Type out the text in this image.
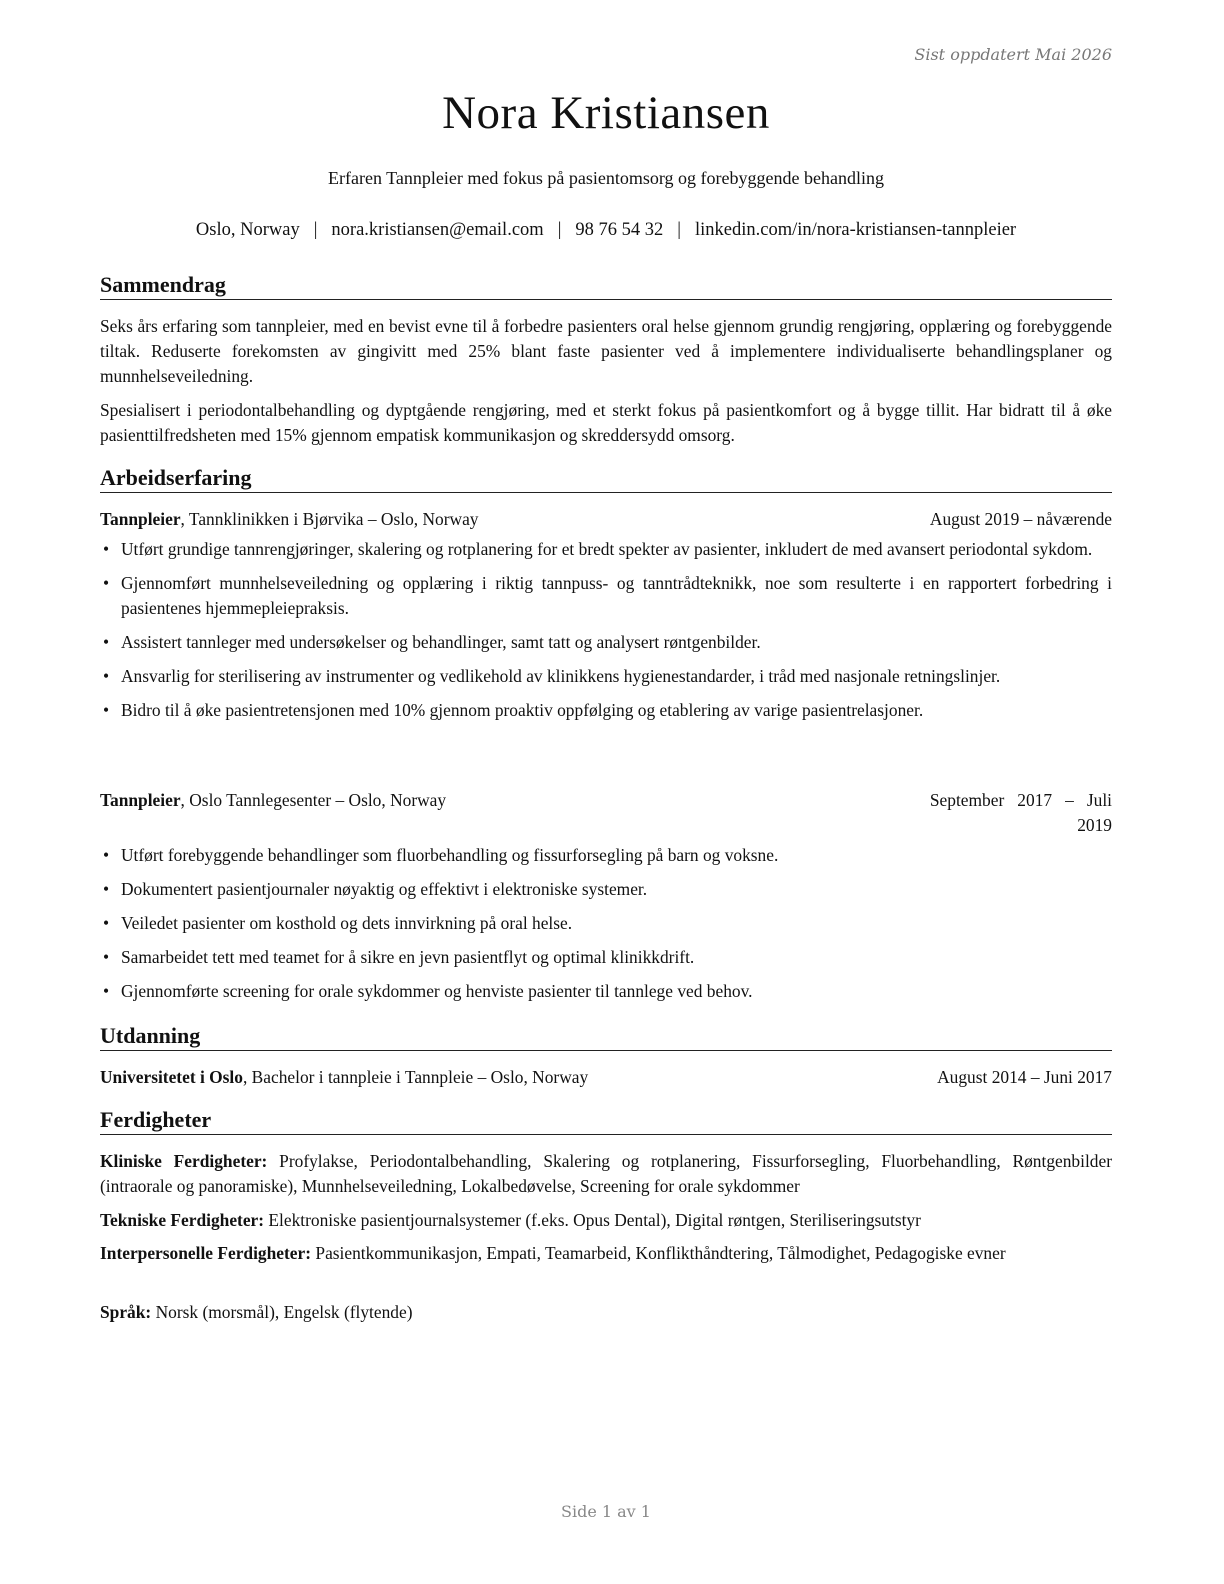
Sist oppdatert Mai 2026
Nora Kristiansen
Erfaren Tannpleier med fokus på pasientomsorg og forebyggende behandling
Oslo, Norway | nora.kristiansen@email.com | 98 76 54 32 | linkedin.com/in/nora-kristiansen-tannpleier
Sammendrag
Seks års erfaring som tannpleier, med en bevist evne til å forbedre pasienters oral helse gjennom grundig rengjøring, opplæring og forebyggende tiltak. Reduserte forekomsten av gingivitt med 25% blant faste pasienter ved å implementere individualiserte behandlingsplaner og munnhelseveiledning.
Spesialisert i periodontalbehandling og dyptgående rengjøring, med et sterkt fokus på pasientkomfort og å bygge tillit. Har bidratt til å øke pasienttilfredsheten med 15% gjennom empatisk kommunikasjon og skreddersydd omsorg.
Arbeidserfaring
Tannpleier, Tannklinikken i Bjørvika – Oslo, Norway	August 2019 – nåværende
• Utført grundige tannrengjøringer, skalering og rotplanering for et bredt spekter av pasienter, inkludert de med avansert periodontal sykdom.
• Gjennomført munnhelseveiledning og opplæring i riktig tannpuss- og tanntrådteknikk, noe som resulterte i en rapportert forbedring i pasientenes hjemmepleiepraksis.
• Assistert tannleger med undersøkelser og behandlinger, samt tatt og analysert røntgenbilder.
• Ansvarlig for sterilisering av instrumenter og vedlikehold av klinikkens hygienestandarder, i tråd med nasjonale retningslinjer.
• Bidro til å øke pasientretensjonen med 10% gjennom proaktiv oppfølging og etablering av varige pasientrelasjoner.
Tannpleier, Oslo Tannlegesenter – Oslo, Norway	September   2017   –   Juli
2019
• Utført forebyggende behandlinger som fluorbehandling og fissurforsegling på barn og voksne.
• Dokumentert pasientjournaler nøyaktig og effektivt i elektroniske systemer.
• Veiledet pasienter om kosthold og dets innvirkning på oral helse.
• Samarbeidet tett med teamet for å sikre en jevn pasientflyt og optimal klinikkdrift.
• Gjennomførte screening for orale sykdommer og henviste pasienter til tannlege ved behov.
Utdanning
Universitetet i Oslo, Bachelor i tannpleie i Tannpleie – Oslo, Norway	August 2014 – Juni 2017
Ferdigheter
Kliniske Ferdigheter: Profylakse, Periodontalbehandling, Skalering og rotplanering, Fissurforsegling, Fluorbehandling, Røntgenbilder (intraorale og panoramiske), Munnhelseveiledning, Lokalbedøvelse, Screening for orale sykdommer
Tekniske Ferdigheter: Elektroniske pasientjournalsystemer (f.eks. Opus Dental), Digital røntgen, Steriliseringsutstyr
Interpersonelle Ferdigheter: Pasientkommunikasjon, Empati, Teamarbeid, Konflikthåndtering, Tålmodighet, Pedagogiske evner
Språk: Norsk (morsmål), Engelsk (flytende)
Side 1 av 1
